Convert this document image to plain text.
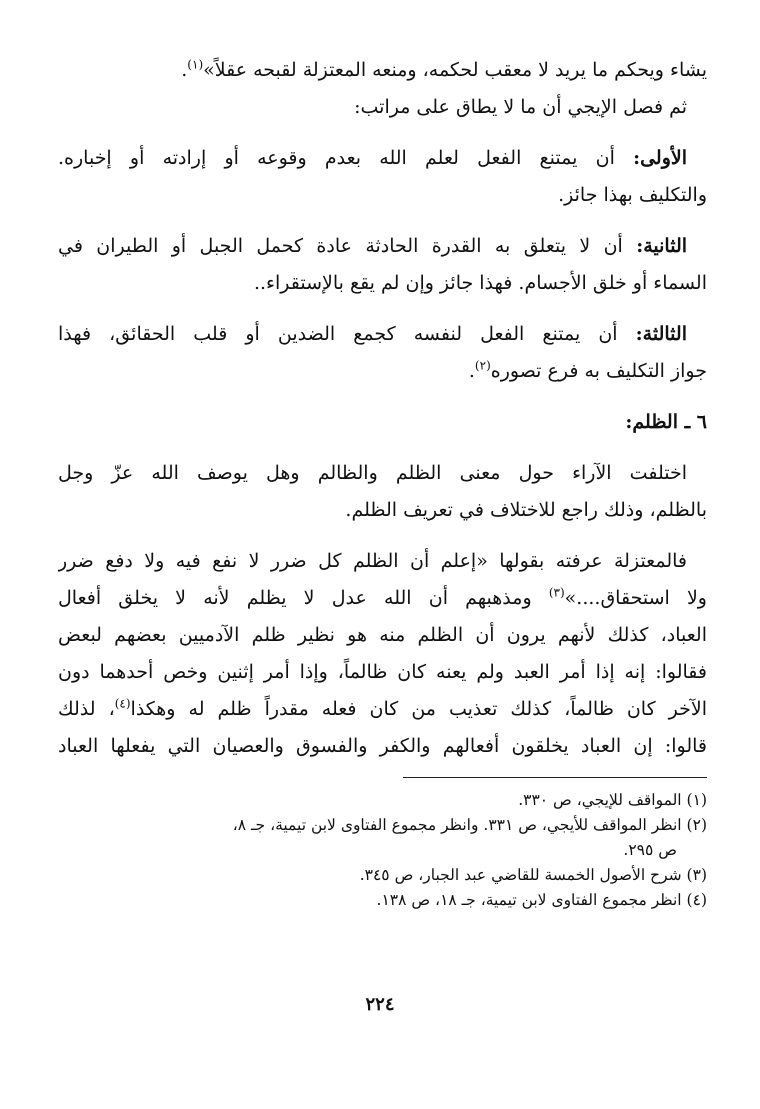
يشاء ويحكم ما يريد لا معقب لحكمه، ومنعه المعتزلة لقبحه عقلاً»$^{(١)}$.
ثم فصل الإيجي أن ما لا يطاق على مراتب:
الأولى: أن يمتنع الفعل لعلم الله بعدم وقوعه أو إرادته أو إخباره.
والتكليف بهذا جائز.
الثانية: أن لا يتعلق به القدرة الحادثة عادة كحمل الجبل أو الطيران في
السماء أو خلق الأجسام. فهذا جائز وإن لم يقع بالإستقراء..
الثالثة: أن يمتنع الفعل لنفسه كجمع الضدين أو قلب الحقائق، فهذا
جواز التكليف به فرع تصوره$^{(٢)}$.
٦ ـ الظلم:
اختلفت الآراء حول معنى الظلم والظالم وهل يوصف الله عزّ وجل
بالظلم، وذلك راجع للاختلاف في تعريف الظلم.
فالمعتزلة عرفته بقولها «إعلم أن الظلم كل ضرر لا نفع فيه ولا دفع ضرر
ولا استحقاق....»$^{(٣)}$ ومذهبهم أن الله عدل لا يظلم لأنه لا يخلق أفعال
العباد، كذلك لأنهم يرون أن الظلم منه هو نظير ظلم الآدميين بعضهم لبعض
فقالوا: إنه إذا أمر العبد ولم يعنه كان ظالماً، وإذا أمر إثنين وخص أحدهما دون
الآخر كان ظالماً، كذلك تعذيب من كان فعله مقدراً ظلم له وهكذا$^{(٤)}$، لذلك
قالوا: إن العباد يخلقون أفعالهم والكفر والفسوق والعصيان التي يفعلها العباد
(١) المواقف للإيجي، ص ٣٣٠.
(٢) انظر المواقف للأيجي، ص ٣٣١. وانظر مجموع الفتاوى لابن تيمية، جـ ٨،
ص ٢٩٥.
(٣) شرح الأصول الخمسة للقاضي عبد الجبار، ص ٣٤٥.
(٤) انظر مجموع الفتاوى لابن تيمية، جـ ١٨، ص ١٣٨.
٢٢٤
